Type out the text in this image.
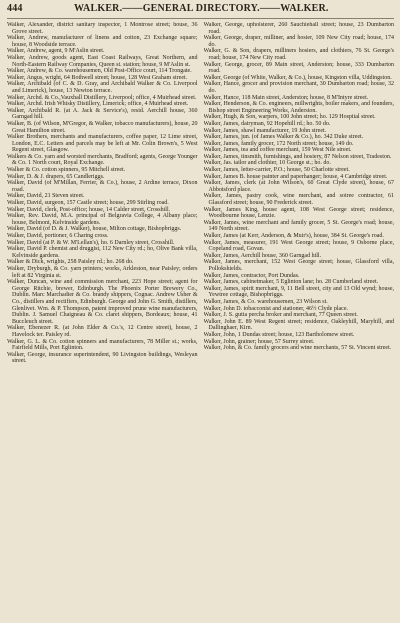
444	WALKER.——GENERAL DIRECTORY.——WALKER.

Walker, Alexander, district sanitary inspector, 1 Montrose street; house, 36 Grove street.

Walker, Andrew, manufacturer of linens and cotton, 23 Exchange square; house, 8 Woodside terrace.

Walker, Andrew, agent, 9 M'Aslin street.

Walker, Andrew, goods agent, East Coast Railways, Great Northern, and North-Eastern Railway Companies, Queen st. station; house, 9 M'Aslin st.

Walker, Andrew, & Co. warehousemen, Old Post-Office court, 114 Trongate.

Walker, Angus, wright, 64 Bothwell street; house, 128 West Graham street.

Walker, Archibald (of C. & D. Gray, and Archibald Walker & Co. Liverpool and Limerick), house, 13 Newton terrace.

Walker, Archd. & Co.,Vauxhall Distillery, Liverpool; office, 4 Muirhead street.

Walker, Archd. Irish Whisky Distillery, Limerick; office, 4 Muirhead street.

Walker, Archibald R. (at A. Jack & Service's), resid. Aerchill house, 360 Garngad hill.

Walker, B. (of Wilson, M'Gregor, & Walker, tobacco manufacturers), house, 20 Great Hamilton street.

Walker Brothers, merchants and manufacturers, coffee paper, 12 Lime street, London, E.C. Letters and parcels may be left at Mr. Colin Brown's, 5 West Regent street, Glasgow.

Walkers & Co. yarn and worsted merchants, Bradford; agents, George Younger & Co. 1 North court, Royal Exchange.

Walker & Co. cotton spinners, 95 Mitchell street.

Walker, D. & J. drapers, 65 Candleriggs.

Walker, David (of M'Millan, Ferrier, & Co.), house, 2 Ardine terrace, Dixon road.

Walker, David, 21 Steven street.

Walker, David, surgeon, 157 Castle street; house, 299 Stirling road.

Walker, David, clerk, Post-office; house, 14 Calder street, Crosshill.

Walker, Rev. David, M.A. principal of Belgravia College, 4 Albany place; house, Belmont, Kelvinside gardens.

Walker, David (of D. & J. Walker), house, Milton cottage, Bishopbriggs.

Walker, David, portioner, 6 Charing cross.

Walker, David (at P. & W. M'Lellan's), ho. 6 Darnley street, Crosshill.

Walker, David P. chemist and druggist, 112 New City rd.; ho, Olive Bank villa, Kelvinside gardens.

Walker & Dick, wrights, 258 Paisley rd.; ho. 268 do.

Walker, Dryburgh, & Co. yarn printers; works, Arkleston, near Paisley; orders left at 82 Virginia st.

Walker, Duncan, wine and commission merchant, 223 Hope street; agent for George Ritchie, brewer, Edinburgh. The Phoenix Porter Brewery Co., Dublin. Marc Marchadier & Co. brandy shippers, Cognac. Andrew Usher & Co., distillers and rectifiers, Edinburgh. George and John G. Smith, distillers, Glenlivet. Wm. & P. Thompson, patent improved prune wine manufacturers, Dublin. J. Samuel Chaigneau & Co. claret shippers, Bordeaux; house, 41 Buccleuch street.

Walker, Ebenezer R. (at John Elder & Co.'s, 12 Centre street), house, 2 Havelock ter. Paisley rd.

Walker, G. L. & Co. cotton spinners and manufacturers, 78 Miller st.; works, Fairfield Mills, Port Eglinton.

Walker, George, insurance superintendent, 90 Livingston buildings, Wesleyan street.

Walker, George, upholsterer, 260 Sauchiehall street; house, 23 Dumbarton road.

Walker, George, draper, milliner, and hosier, 109 New City road; house, 174 do.

Walker, G. & Son, drapers, milliners hosiers, and clothiers, 76 St. George's road; house, 174 New City road.

Walker, George, grocer, 89 Main street, Anderston; house, 333 Dumbarton road.

Walker, George (of White, Walker, & Co.), house, Kingston villa, Uddingston.

Walker, Hance, grocer and provision merchant, 30 Dumbarton road; house, 32 do.

Walker, Hance, 118 Main street, Anderston; house, 8 M'Intyre street.

Walker, Henderson, & Co. engineers, millwrights, boiler makers, and founders, Bishop street Engineering Works, Anderston.

Walker, Hugh, & Son, warpers, 100 John street; ho. 129 Hospital street.

Walker, James, dairyman, 92 Hopehill rd.; ho. 50 do.

Walker, James, shawl manufacturer, 19 John street.

Walker, James, jun. (of James Walker & Co.), ho. 342 Duke street.

Walker, James, family grocer, 172 North street; house, 149 do.

Walker, James, tea and coffee merchant, 159 West Nile street.

Walker, James, tinsmith, furnishings, and hosiery, 87 Nelson street, Tradeston.

Walker, Jas. tailor and clothier, 10 George st.; ho. do.

Walker, James, letter-carrier, P.O.; house, 50 Charlotte street.

Walker, James B. house painter and paperhanger; house, 4 Cambridge street.

Walker, James, clerk (at John Wilson's, 60 Great Clyde street), house, 67 Abbotsford place.

Walker, James, pastry cook, wine merchant, and soiree contractor, 61 Glassford street; house, 90 Frederick street.

Walker, James King, house agent, 108 West George street; residence, Woodbourne house, Lenzie.

Walker, James, wine merchant and family grocer, 5 St. George's road; house, 149 North street.

Walker, James (at Kerr, Anderson, & Muir's), house, 384 St. George's road.

Walker, James, measurer, 191 West George street; house, 9 Osborne place, Copeland road, Govan.

Walker, James, Aerchill house, 360 Garngad hill.

Walker, James, merchant, 152 West George street; house, Glassford villa, Pollokshields.

Walker, James, contractor, Port Dundas.

Walker, James, cabinetmaker, 5 Eglinton lane; ho. 28 Cumberland street.

Walker, James, spirit merchant, 9, 11 Bell street, city and 13 Old wynd; house, Yewtree cottage, Bishopbriggs.

Walker, James, & Co. warehousemen, 23 Wilson st.

Walker, John D. tobacconist and stationer, 46½ Clyde place.

Walker, J. S. gutta percha broker and merchant, 77 Queen street.

Walker, John E. 89 West Regent street; residence, Oakleyhill, Maryhill, and Dallinghaer, Kirn.

Walker, John, 1 Dundas street; house, 123 Bartholomew street.

Walker, John, grainer; house, 57 Surrey street.

Walker, John, & Co. family grocers and wine merchants, 57 St. Vincent street.
